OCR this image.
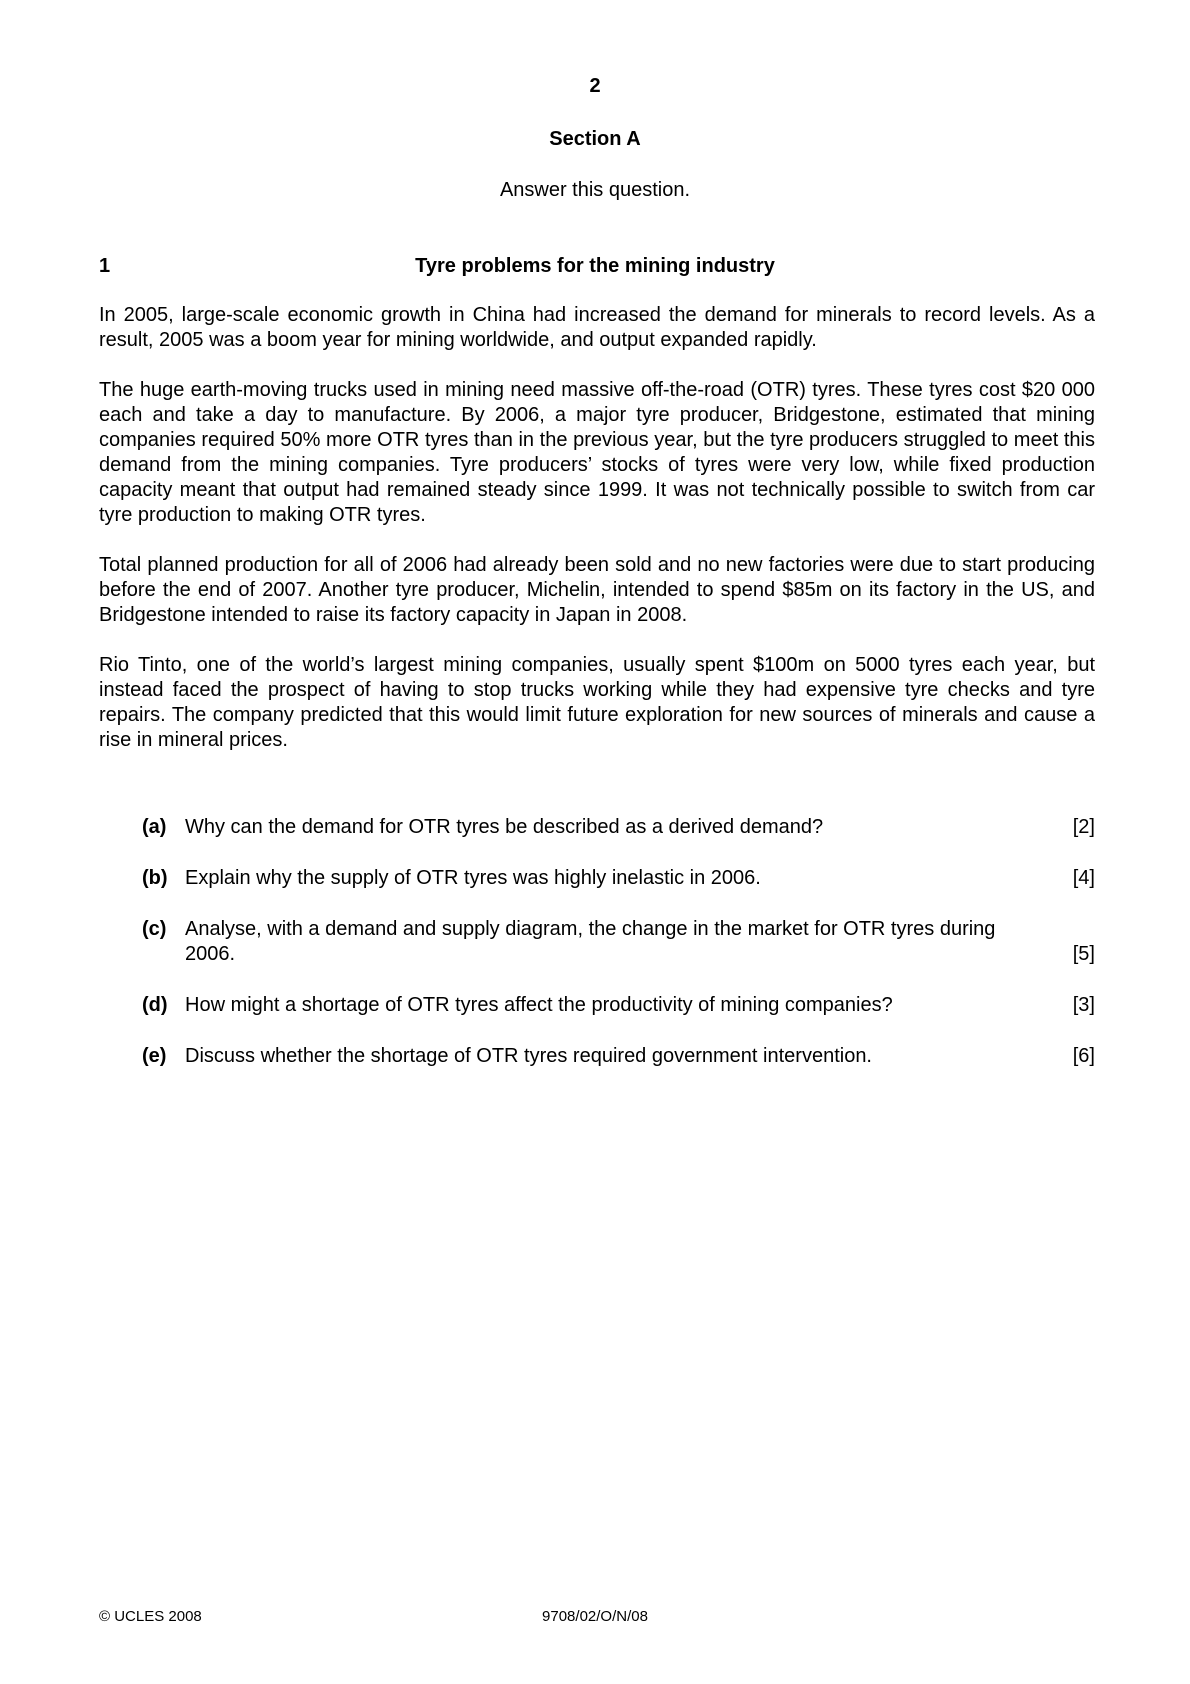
2
Section A
Answer this question.
1	Tyre problems for the mining industry

In 2005, large-scale economic growth in China had increased the demand for minerals to record levels. As a result, 2005 was a boom year for mining worldwide, and output expanded rapidly.

The huge earth-moving trucks used in mining need massive off-the-road (OTR) tyres. These tyres cost $20 000 each and take a day to manufacture. By 2006, a major tyre producer, Bridgestone, estimated that mining companies required 50% more OTR tyres than in the previous year, but the tyre producers struggled to meet this demand from the mining companies. Tyre producers’ stocks of tyres were very low, while fixed production capacity meant that output had remained steady since 1999. It was not technically possible to switch from car tyre production to making OTR tyres.

Total planned production for all of 2006 had already been sold and no new factories were due to start producing before the end of 2007. Another tyre producer, Michelin, intended to spend $85m on its factory in the US, and Bridgestone intended to raise its factory capacity in Japan in 2008.

Rio Tinto, one of the world’s largest mining companies, usually spent $100m on 5000 tyres each year, but instead faced the prospect of having to stop trucks working while they had expensive tyre checks and tyre repairs. The company predicted that this would limit future exploration for new sources of minerals and cause a rise in mineral prices.

(a) Why can the demand for OTR tyres be described as a derived demand?	[2]
(b) Explain why the supply of OTR tyres was highly inelastic in 2006.	[4]
(c) Analyse, with a demand and supply diagram, the change in the market for OTR tyres during
2006.	[5]
(d) How might a shortage of OTR tyres affect the productivity of mining companies?	[3]
(e) Discuss whether the shortage of OTR tyres required government intervention.	[6]
© UCLES 2008	9708/02/O/N/08
